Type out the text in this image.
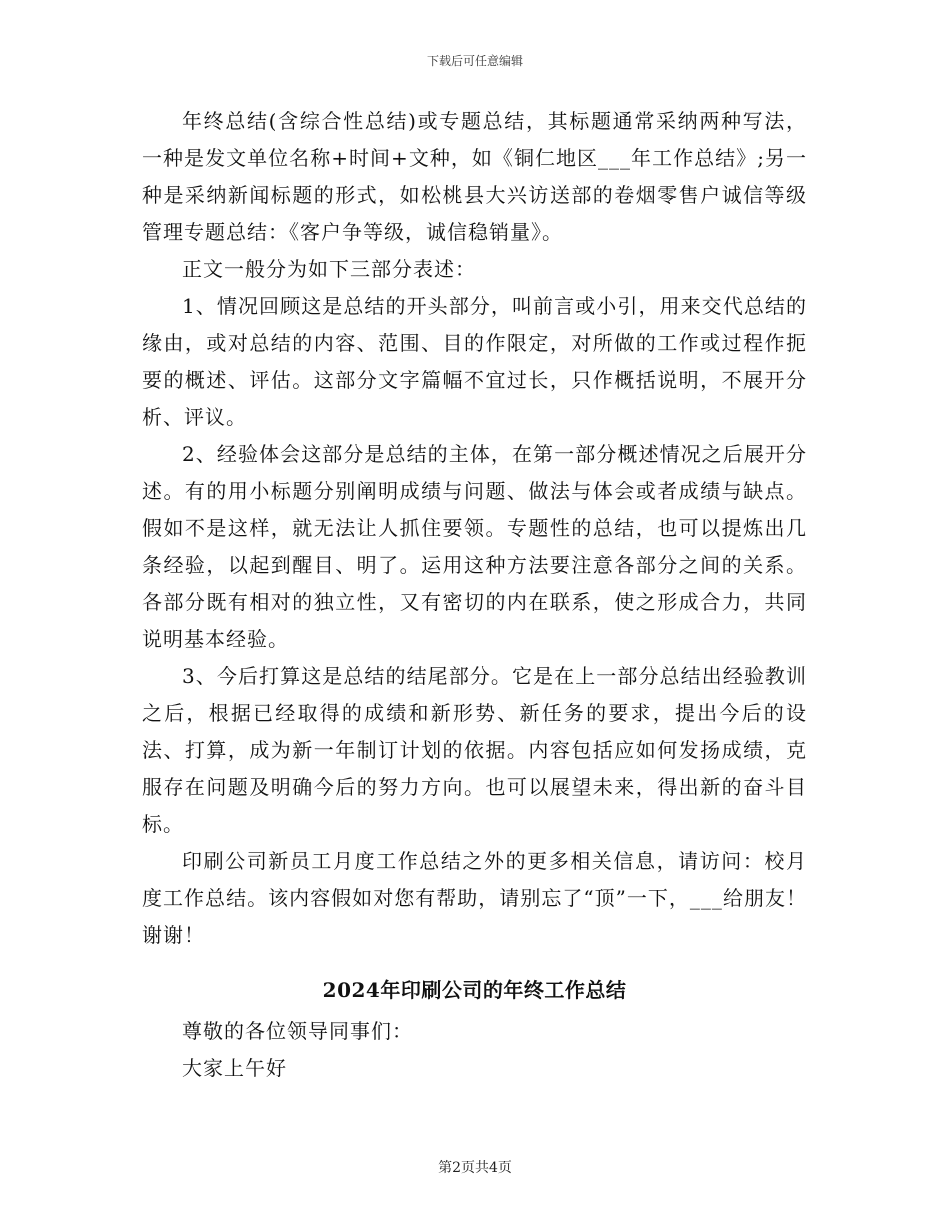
下载后可任意编辑

年终总结(含综合性总结)或专题总结，其标题通常采纳两种写法，一种是发文单位名称+时间+文种，如《铜仁地区___年工作总结》;另一种是采纳新闻标题的形式，如松桃县大兴访送部的卷烟零售户诚信等级管理专题总结：《客户争等级，诚信稳销量》。

正文一般分为如下三部分表述：

1、情况回顾这是总结的开头部分，叫前言或小引，用来交代总结的缘由，或对总结的内容、范围、目的作限定，对所做的工作或过程作扼要的概述、评估。这部分文字篇幅不宜过长，只作概括说明，不展开分析、评议。

2、经验体会这部分是总结的主体，在第一部分概述情况之后展开分述。有的用小标题分别阐明成绩与问题、做法与体会或者成绩与缺点。假如不是这样，就无法让人抓住要领。专题性的总结，也可以提炼出几条经验，以起到醒目、明了。运用这种方法要注意各部分之间的关系。各部分既有相对的独立性，又有密切的内在联系，使之形成合力，共同说明基本经验。

3、今后打算这是总结的结尾部分。它是在上一部分总结出经验教训之后，根据已经取得的成绩和新形势、新任务的要求，提出今后的设法、打算，成为新一年制订计划的依据。内容包括应如何发扬成绩，克服存在问题及明确今后的努力方向。也可以展望未来，得出新的奋斗目标。

印刷公司新员工月度工作总结之外的更多相关信息，请访问：校月度工作总结。该内容假如对您有帮助，请别忘了“顶”一下，___给朋友！谢谢！

2024年印刷公司的年终工作总结

尊敬的各位领导同事们：

大家上午好

第2页共4页
